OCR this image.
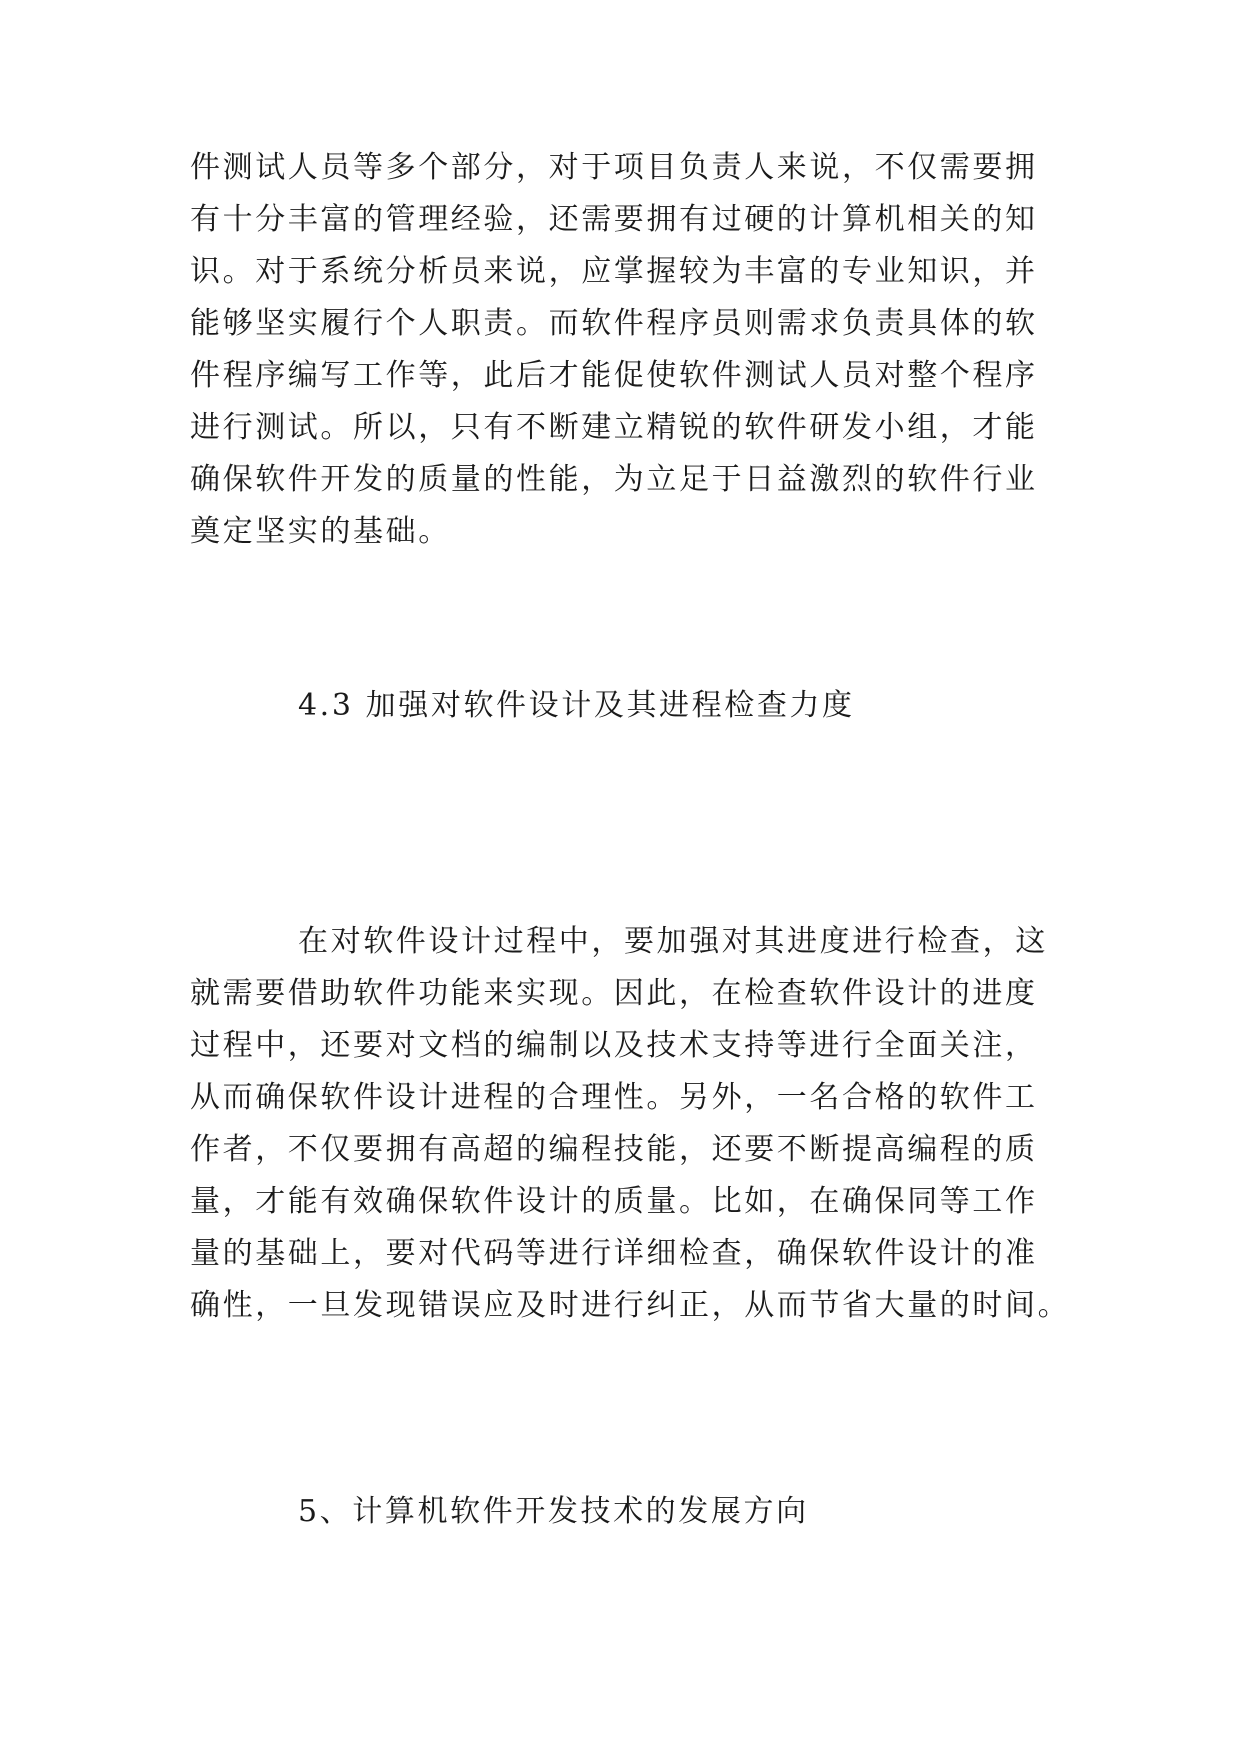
件测试人员等多个部分，对于项目负责人来说，不仅需要拥
有十分丰富的管理经验，还需要拥有过硬的计算机相关的知
识。对于系统分析员来说，应掌握较为丰富的专业知识，并
能够坚实履行个人职责。而软件程序员则需求负责具体的软
件程序编写工作等，此后才能促使软件测试人员对整个程序
进行测试。所以，只有不断建立精锐的软件研发小组，才能
确保软件开发的质量的性能，为立足于日益激烈的软件行业
奠定坚实的基础。
4.3 加强对软件设计及其进程检查力度
在对软件设计过程中，要加强对其进度进行检查，这
就需要借助软件功能来实现。因此，在检查软件设计的进度
过程中，还要对文档的编制以及技术支持等进行全面关注，
从而确保软件设计进程的合理性。另外，一名合格的软件工
作者，不仅要拥有高超的编程技能，还要不断提高编程的质
量，才能有效确保软件设计的质量。比如，在确保同等工作
量的基础上，要对代码等进行详细检查，确保软件设计的准
确性，一旦发现错误应及时进行纠正，从而节省大量的时间。
5、计算机软件开发技术的发展方向
